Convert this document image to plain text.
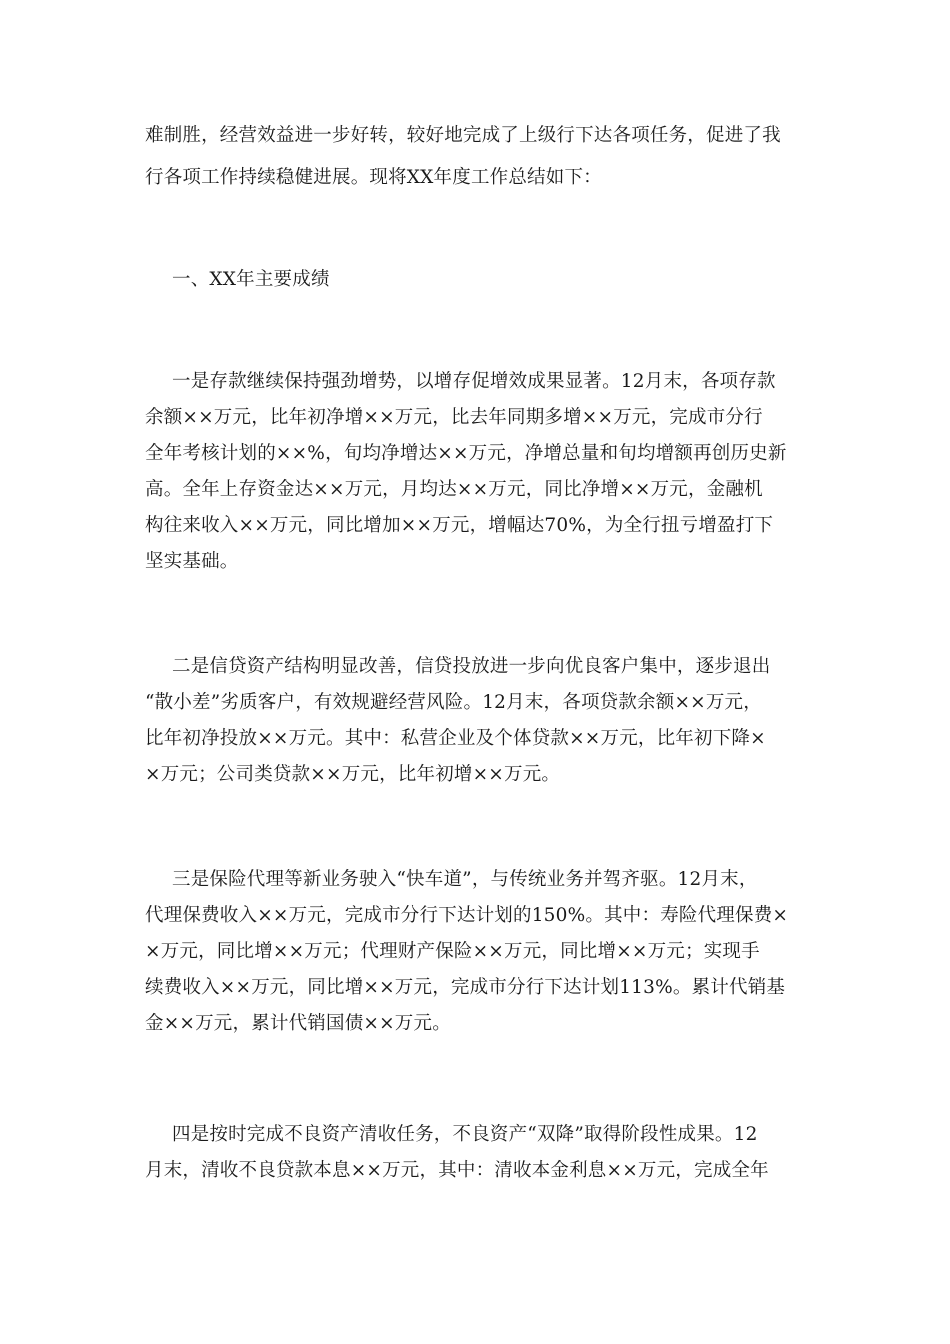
难制胜，经营效益进一步好转，较好地完成了上级行下达各项任务，促进了我
行各项工作持续稳健进展。现将XX年度工作总结如下：
一、XX年主要成绩
一是存款继续保持强劲增势，以增存促增效成果显著。12月末，各项存款
余额××万元，比年初净增××万元，比去年同期多增××万元，完成市分行
全年考核计划的××%，旬均净增达××万元，净增总量和旬均增额再创历史新
高。全年上存资金达××万元，月均达××万元，同比净增××万元，金融机
构往来收入××万元，同比增加××万元，增幅达70%，为全行扭亏增盈打下
坚实基础。
二是信贷资产结构明显改善，信贷投放进一步向优良客户集中，逐步退出
“散小差”劣质客户，有效规避经营风险。12月末，各项贷款余额××万元，
比年初净投放××万元。其中：私营企业及个体贷款××万元，比年初下降×
×万元；公司类贷款××万元，比年初增××万元。
三是保险代理等新业务驶入“快车道”，与传统业务并驾齐驱。12月末，
代理保费收入××万元，完成市分行下达计划的150%。其中：寿险代理保费×
×万元，同比增××万元；代理财产保险××万元，同比增××万元；实现手
续费收入××万元，同比增××万元，完成市分行下达计划113%。累计代销基
金××万元，累计代销国债××万元。
四是按时完成不良资产清收任务，不良资产“双降”取得阶段性成果。12
月末，清收不良贷款本息××万元，其中：清收本金利息××万元，完成全年
